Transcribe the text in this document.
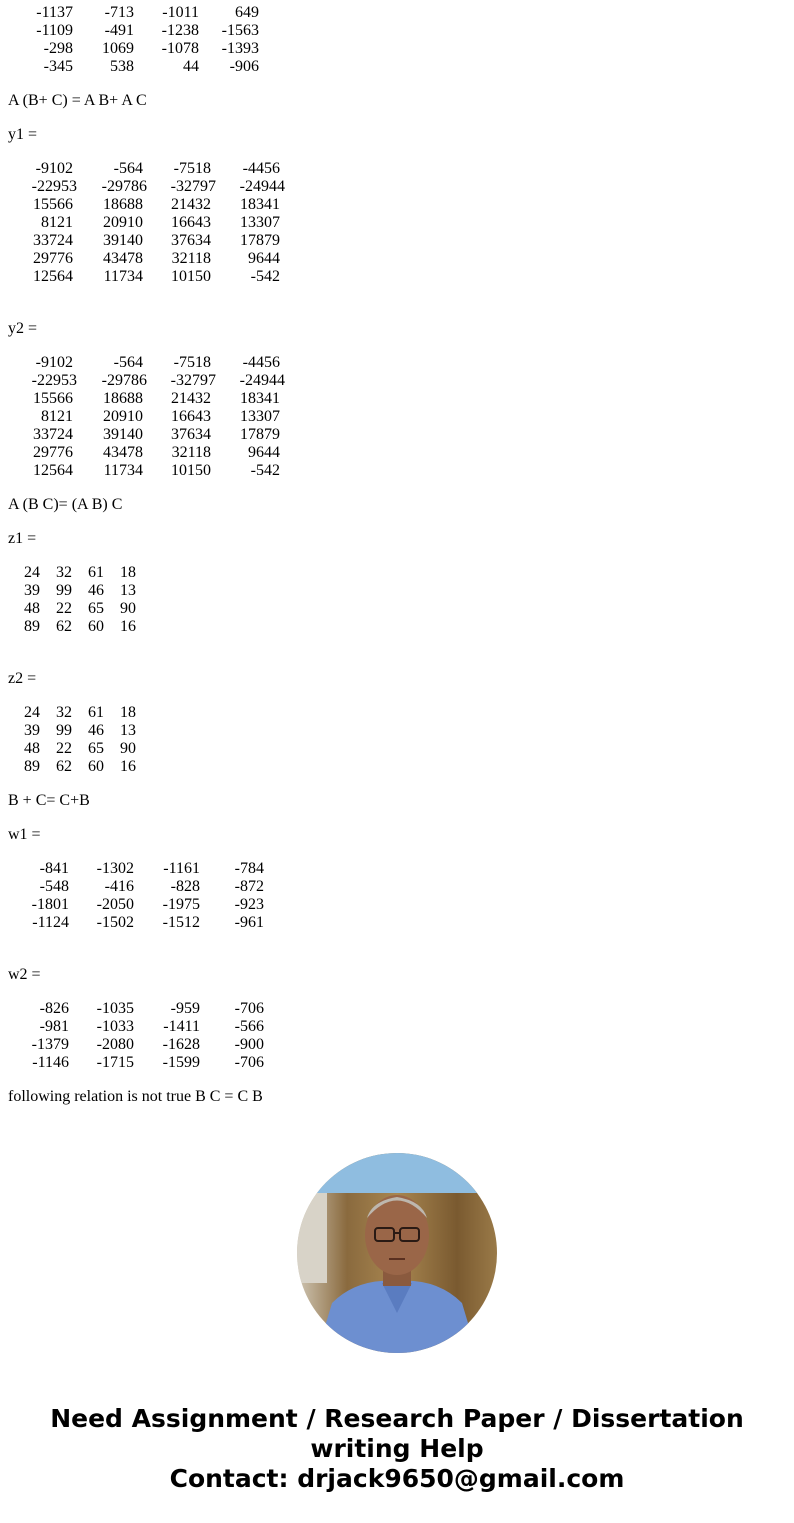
A (B+ C) = A B+ A C
y1 =
y2 =
A (B C)= (A B) C
z1 =
z2 =
B + C= C+B
w1 =
w2 =
following relation is not true B C = C B
Need Assignment / Research Paper / Dissertation
writing Help
Contact: drjack9650@gmail.com
-1137	-713	-1011	649
-1109	-491	-1238	-1563
-298	1069	-1078	-1393
-345	538	44	-906
-9102	-564	-7518	-4456
-22953	-29786	-32797	-24944
15566	18688	21432	18341
8121	20910	16643	13307
33724	39140	37634	17879
29776	43478	32118	9644
12564	11734	10150	-542
-9102	-564	-7518	-4456
-22953	-29786	-32797	-24944
15566	18688	21432	18341
8121	20910	16643	13307
33724	39140	37634	17879
29776	43478	32118	9644
12564	11734	10150	-542
24	32	61	18
39	99	46	13
48	22	65	90
89	62	60	16
24	32	61	18
39	99	46	13
48	22	65	90
89	62	60	16
-841	-1302	-1161	-784
-548	-416	-828	-872
-1801	-2050	-1975	-923
-1124	-1502	-1512	-961
-826	-1035	-959	-706
-981	-1033	-1411	-566
-1379	-2080	-1628	-900
-1146	-1715	-1599	-706
